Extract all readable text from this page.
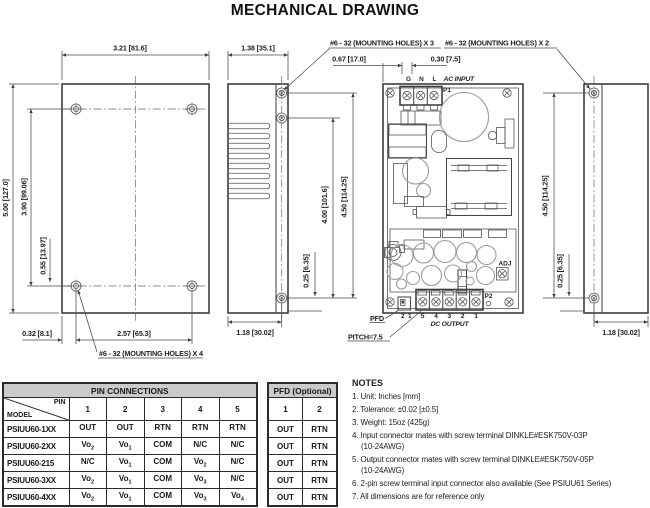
MECHANICAL DRAWING
3.21 [81.6]
5.00 [127.0] 3.90 [99.06]
0.55 [13.97]
0.32 [8.1]	2.57 [65.3]
#6 - 32 (MOUNTING HOLES) X 4
1.38 [35.1]
1.18 [30.02]
4.00 [101.6] 4.50 [114.25]
0.25 [6.35]
#6 - 32 (MOUNTING HOLES) X 3
ADJ
G N L AC INPUT
P1
P2
2 1 5 4 3 2 1
DC OUTPUT
0.67 [17.0]	0.30 [7.5]
PFD
PITCH=7.5
4.50 [114.25]
0.25 [6.35]
1.18 [30.02]
#6 - 32 (MOUNTING HOLES) X 2
PIN CONNECTIONS					

PIN
MODEL	1	2	3	4	5
PSIUU60-1XX	OUT	OUT	RTN	RTN	RTN
PSIUU60-2XX	$Vo_2$	$Vo_1$	COM	N/C	N/C
PSIUU60-215	N/C	$Vo_1$	COM	$Vo_2$	N/C
PSIUU60-3XX	$Vo_2$	$Vo_1$	COM	$Vo_3$	N/C
PSIUU60-4XX	$Vo_2$	$Vo_1$	COM	$Vo_3$	$Vo_4$
PFD (Optional)	
1	2
OUT	RTN
OUT	RTN
OUT	RTN
OUT	RTN
OUT	RTN
NOTES
1. Unit: Inches [mm]
2. Tolerance: ±0.02 [±0.5]
3. Weight: 15oz (425g)
4. Input connector mates with screw terminal DINKLE#ESK750V-03P
(10-24AWG)
5. Output connector mates with screw terminal DINKLE#ESK750V-05P
(10-24AWG)
6. 2-pin screw terminal input connector also available (See PSIUU61 Series)
7. All dimensions are for reference only
